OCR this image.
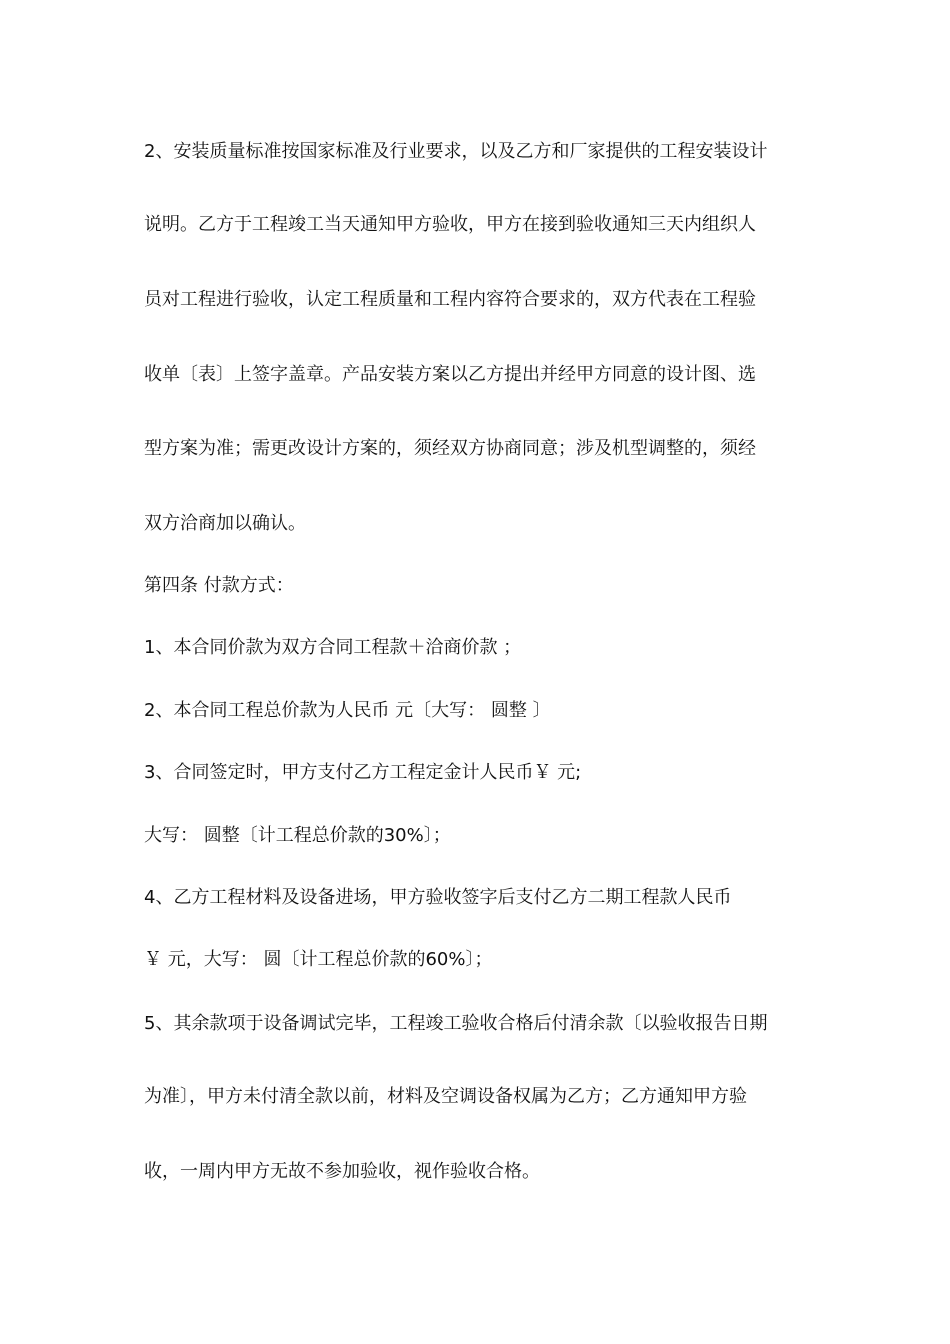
2、安装质量标准按国家标准及行业要求，以及乙方和厂家提供的工程安装设计
说明。乙方于工程竣工当天通知甲方验收，甲方在接到验收通知三天内组织人
员对工程进行验收，认定工程质量和工程内容符合要求的，双方代表在工程验
收单〔表〕上签字盖章。产品安装方案以乙方提出并经甲方同意的设计图、选
型方案为准；需更改设计方案的，须经双方协商同意；涉及机型调整的，须经
双方洽商加以确认。
第四条 付款方式：
1、本合同价款为双方合同工程款＋洽商价款 ；
2、本合同工程总价款为人民币 元〔大写： 圆整 〕
3、合同签定时，甲方支付乙方工程定金计人民币￥ 元;
大写： 圆整〔计工程总价款的30%〕；
4、乙方工程材料及设备进场，甲方验收签字后支付乙方二期工程款人民币
￥ 元，大写： 圆〔计工程总价款的60%〕；
5、其余款项于设备调试完毕，工程竣工验收合格后付清余款〔以验收报告日期
为准〕，甲方未付清全款以前，材料及空调设备权属为乙方；乙方通知甲方验
收，一周内甲方无故不参加验收，视作验收合格。
